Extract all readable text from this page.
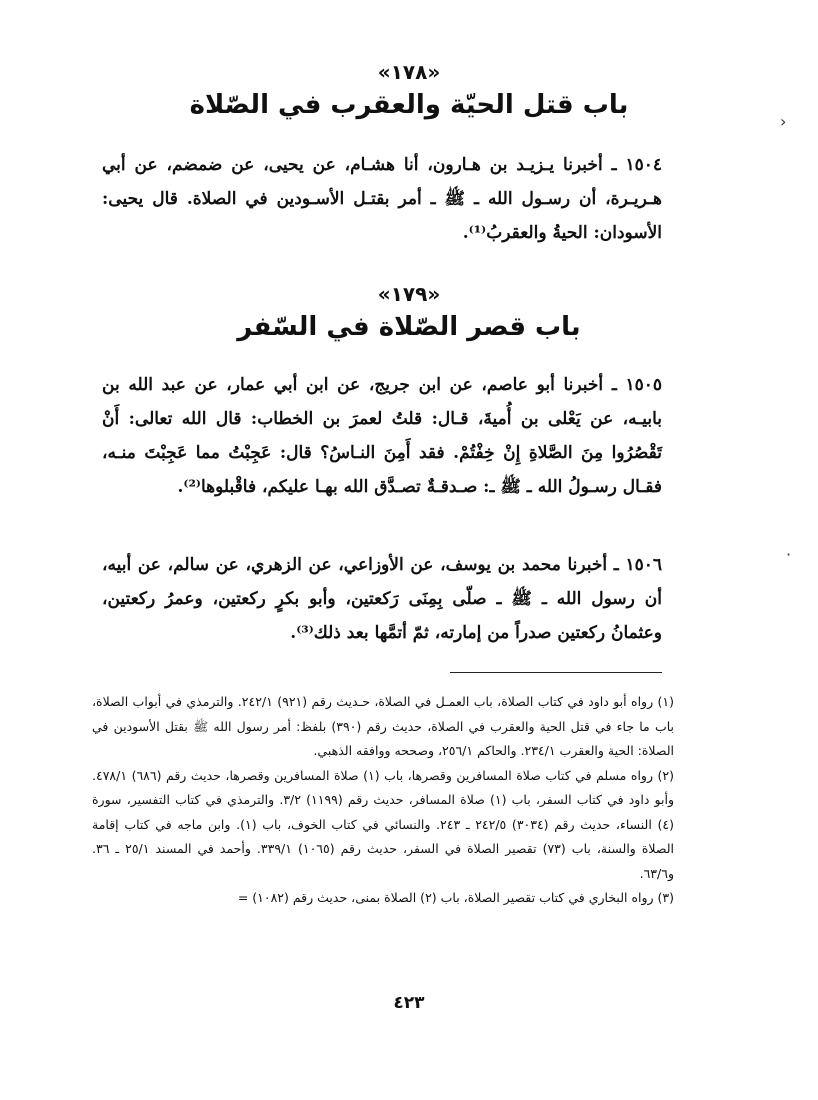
«١٧٨»
باب قتل الحيّة والعقرب في الصّلاة
١٥٠٤ ـ أخبرنا يـزيـد بن هـارون، أنا هشـام، عن يحيى، عن ضمضم، عن أبي هـريـرة، أن رسـول الله ـ ﷺ ـ أمر بقتـل الأسـودين في الصلاة. قال يحيى: الأسودان: الحيةُ والعقربُ⁽¹⁾.
«١٧٩»
باب قصر الصّلاة في السّفر
١٥٠٥ ـ أخبرنا أبو عاصم، عن ابن جريج، عن ابن أبي عمار، عن عبد الله بن بابيـه، عن يَعْلى بن أُميةَ، قـال: قلتُ لعمرَ بن الخطاب: قال الله تعالى: أَنْ تَقْصُرُوا مِنَ الصَّلاةِ إِنْ خِفْتُمْ. فقد أَمِنَ النـاسُ؟ قال: عَجِبْتُ مما عَجِبْتَ منـه، فقـال رسـولُ الله ـ ﷺ ـ: صـدقـةٌ تصـدَّق الله بهـا عليكم، فاقْبلوها⁽²⁾.
١٥٠٦ ـ أخبرنا محمد بن يوسف، عن الأوزاعي، عن الزهري، عن سالم، عن أبيه، أن رسول الله ـ ﷺ ـ صلّى بِمِنَى رَكعتين، وأبو بكرٍ ركعتين، وعمرُ ركعتين، وعثمانُ ركعتين صدراً من إمارته، ثمّ أتمَّها بعد ذلك⁽³⁾.

(١) رواه أبو داود في كتاب الصلاة، باب العمـل في الصلاة، حـديث رقم (٩٢١) ٢٤٢/١. والترمذي في أبواب الصلاة، باب ما جاء في قتل الحية والعقرب في الصلاة، حديث رقم (٣٩٠) بلفظ: أمر رسول الله ﷺ بقتل الأسودين في الصلاة: الحية والعقرب ٢٣٤/١. والحاكم ٢٥٦/١، وصححه ووافقه الذهبي.

(٢) رواه مسلم في كتاب صلاة المسافرين وقصرها، باب (١) صلاة المسافرين وقصرها، حديث رقم (٦٨٦) ٤٧٨/١. وأبو داود في كتاب السفر، باب (١) صلاة المسافر، حديث رقم (١١٩٩) ٣/٢. والترمذي في كتاب التفسير، سورة (٤) النساء، حديث رقم (٣٠٣٤) ٢٤٢/٥ ـ ٢٤٣. والنسائي في كتاب الخوف، باب (١). وابن ماجه في كتاب إقامة الصلاة والسنة، باب (٧٣) تقصير الصلاة في السفر، حديث رقم (١٠٦٥) ٣٣٩/١. وأحمد في المسند ٢٥/١ ـ ٣٦. و٦٣/٦.

(٣) رواه البخاري في كتاب تقصير الصلاة، باب (٢) الصلاة بمنى، حديث رقم (١٠٨٢) =

٤٢٣
‹
·
